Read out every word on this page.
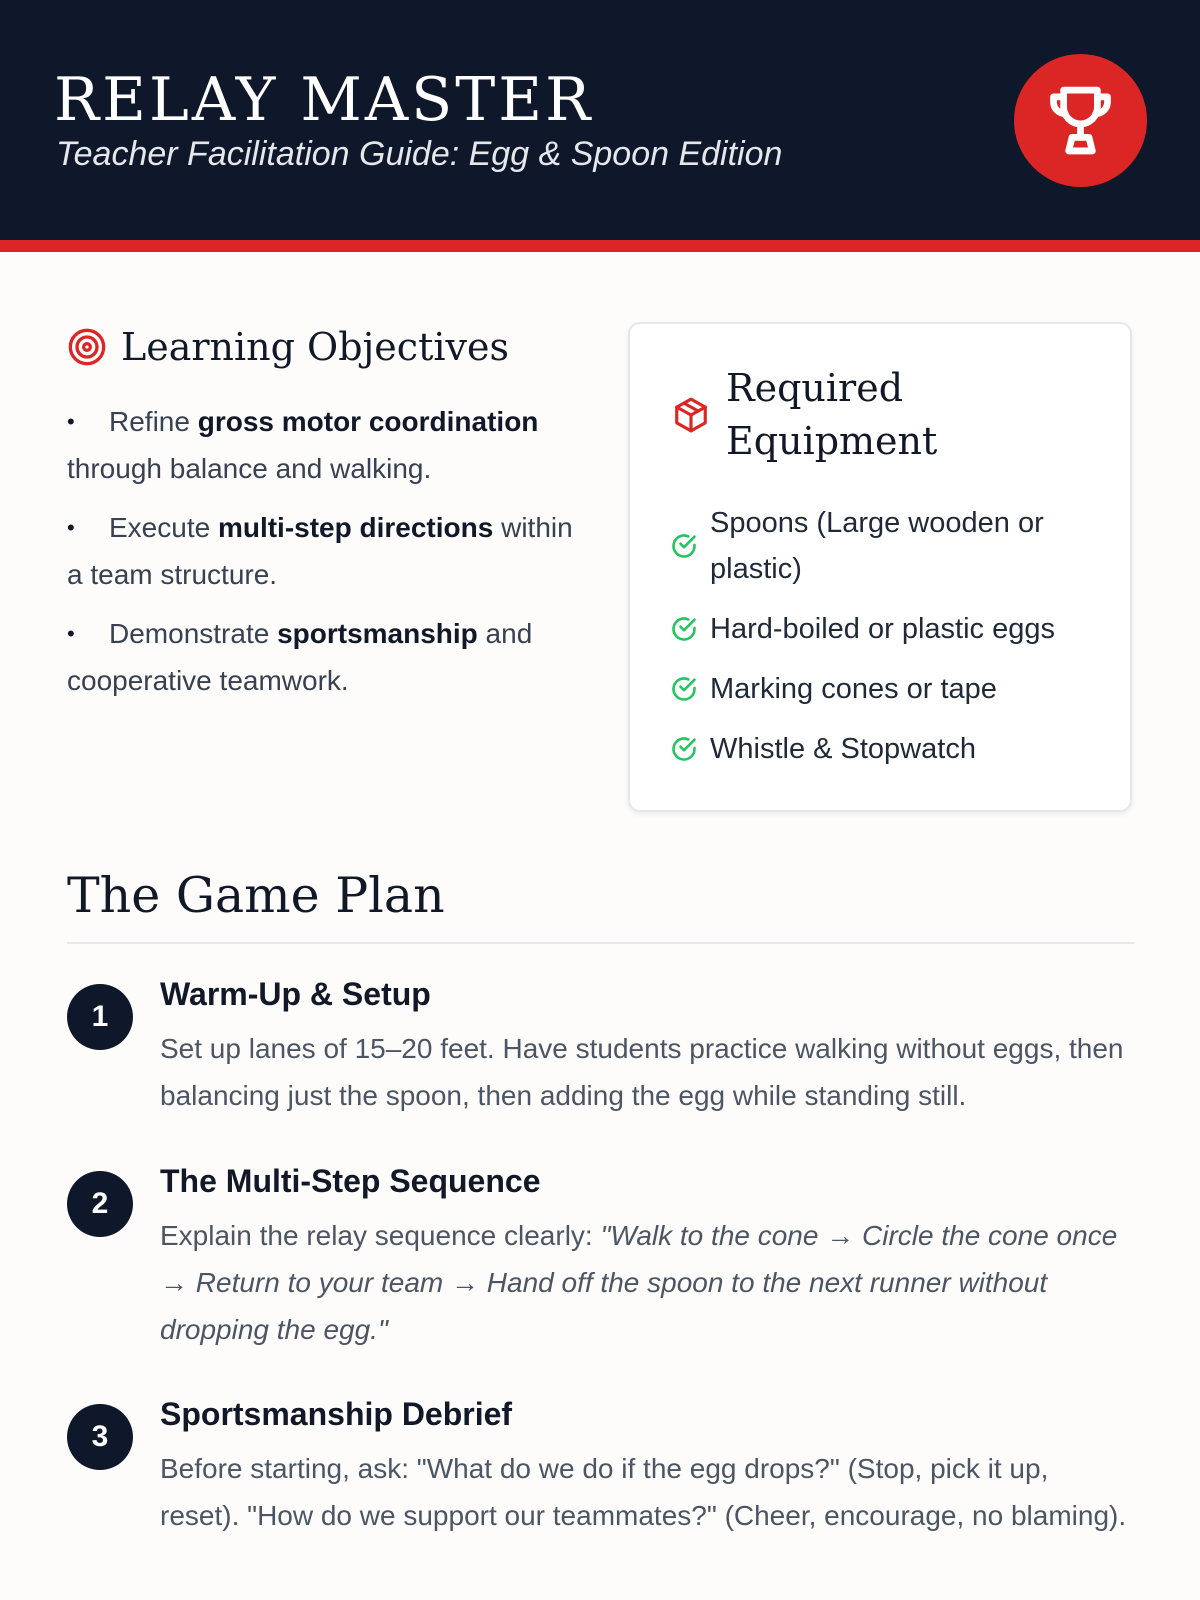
RELAY MASTER
Teacher Facilitation Guide: Egg & Spoon Edition
Learning Objectives
• Refine gross motor coordination through balance and walking.
• Execute multi-step directions within a team structure.
• Demonstrate sportsmanship and cooperative teamwork.
Required Equipment
Spoons (Large wooden or plastic)
Hard-boiled or plastic eggs
Marking cones or tape
Whistle & Stopwatch
The Game Plan
1
Warm-Up & Setup
Set up lanes of 15–20 feet. Have students practice walking without eggs, then balancing just the spoon, then adding the egg while standing still.
2
The Multi-Step Sequence
Explain the relay sequence clearly: "Walk to the cone → Circle the cone once → Return to your team → Hand off the spoon to the next runner without dropping the egg."
3
Sportsmanship Debrief
Before starting, ask: "What do we do if the egg drops?" (Stop, pick it up, reset). "How do we support our teammates?" (Cheer, encourage, no blaming).
